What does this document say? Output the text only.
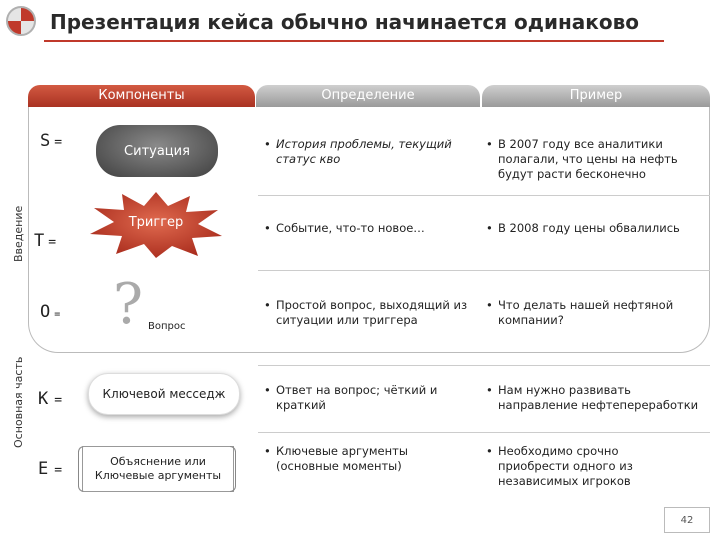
Презентация кейса обычно начинается одинаково
Введение
Основная часть
Компоненты	Определение	Пример
S =
T =
O =
K =
E =
Ситуация
Триггер
? Вопрос
Ключевой месседж
Объяснение или Ключевые аргументы
• История проблемы, текущий статус кво
• Событие, что-то новое…
• Простой вопрос, выходящий из ситуации или триггера
• Ответ на вопрос; чёткий и краткий
• Ключевые аргументы (основные моменты)
• В 2007 году все аналитики полагали, что цены на нефть будут расти бесконечно
• В 2008 году цены обвалились
• Что делать нашей нефтяной компании?
• Нам нужно развивать направление нефтепереработки
• Необходимо срочно приобрести одного из независимых игроков
42
